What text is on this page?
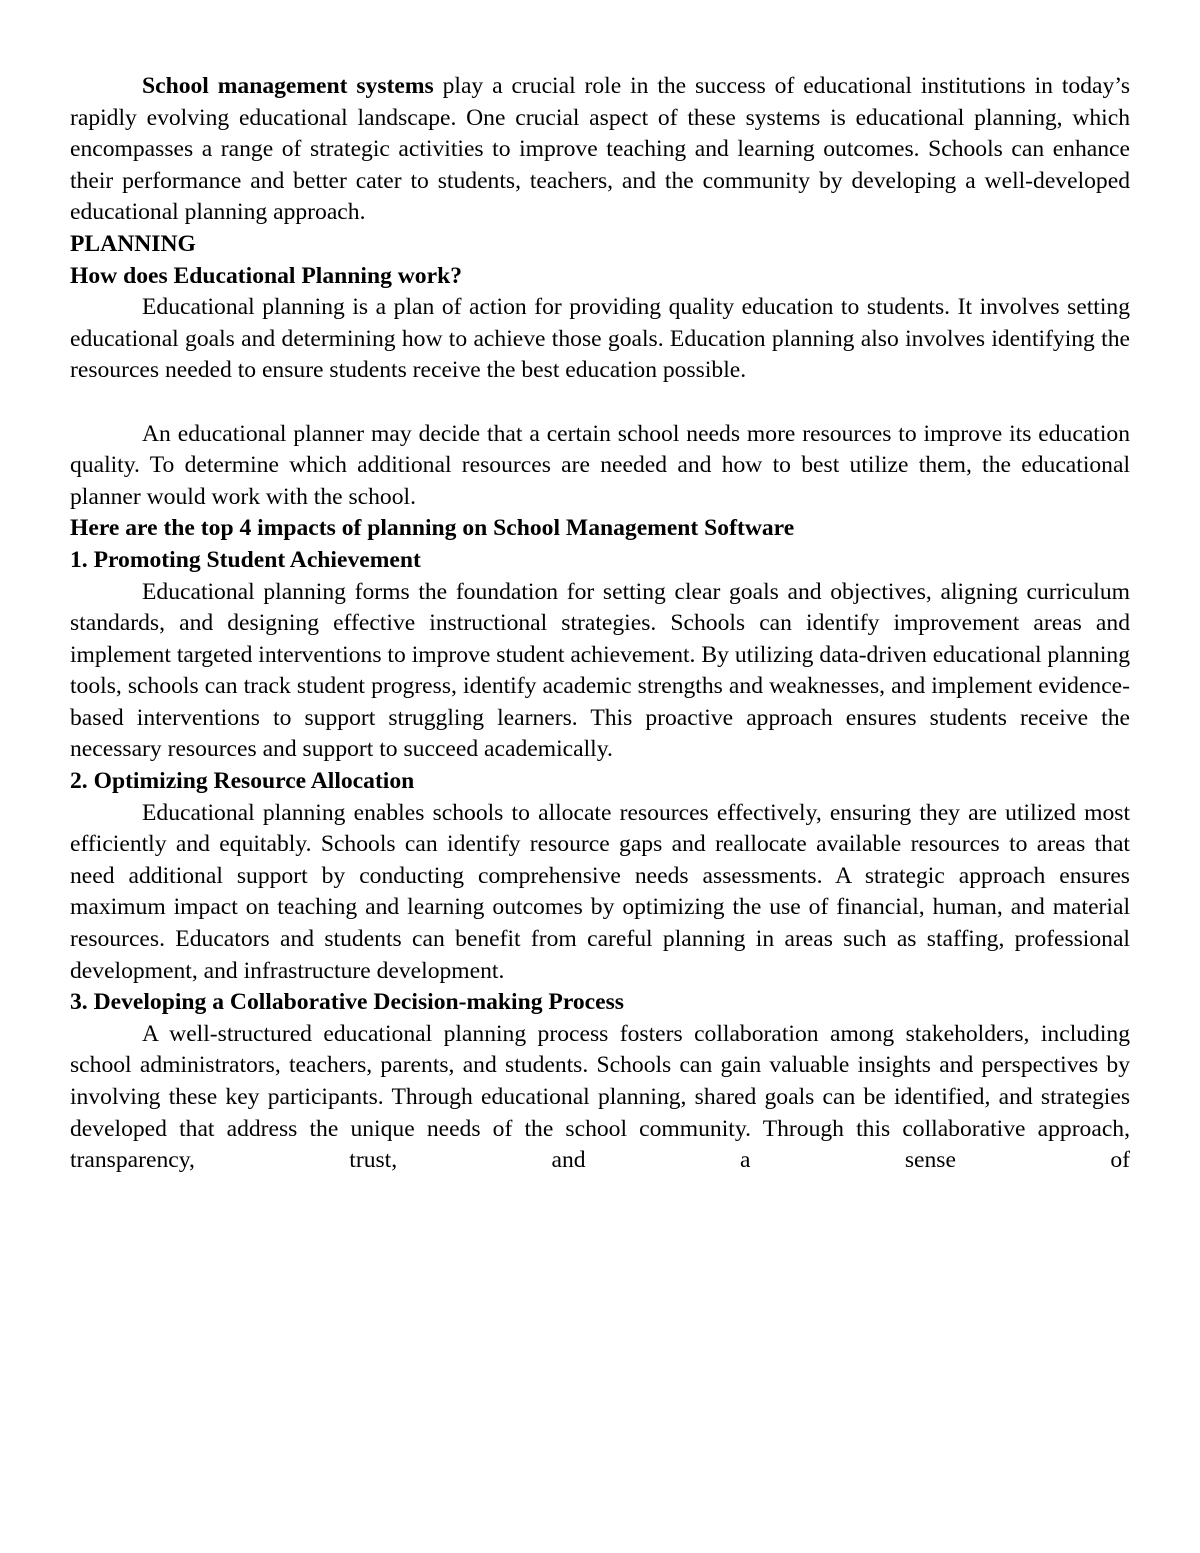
School management systems play a crucial role in the success of educational institutions in today’s rapidly evolving educational landscape. One crucial aspect of these systems is educational planning, which encompasses a range of strategic activities to improve teaching and learning outcomes. Schools can enhance their performance and better cater to students, teachers, and the community by developing a well-developed educational planning approach.

PLANNING

How does Educational Planning work?

Educational planning is a plan of action for providing quality education to students. It involves setting educational goals and determining how to achieve those goals. Education planning also involves identifying the resources needed to ensure students receive the best education possible.

An educational planner may decide that a certain school needs more resources to improve its education quality. To determine which additional resources are needed and how to best utilize them, the educational planner would work with the school.

Here are the top 4 impacts of planning on School Management Software

1. Promoting Student Achievement

Educational planning forms the foundation for setting clear goals and objectives, aligning curriculum standards, and designing effective instructional strategies. Schools can identify improvement areas and implement targeted interventions to improve student achievement. By utilizing data-driven educational planning tools, schools can track student progress, identify academic strengths and weaknesses, and implement evidence-based interventions to support struggling learners. This proactive approach ensures students receive the necessary resources and support to succeed academically.

2. Optimizing Resource Allocation

Educational planning enables schools to allocate resources effectively, ensuring they are utilized most efficiently and equitably. Schools can identify resource gaps and reallocate available resources to areas that need additional support by conducting comprehensive needs assessments. A strategic approach ensures maximum impact on teaching and learning outcomes by optimizing the use of financial, human, and material resources. Educators and students can benefit from careful planning in areas such as staffing, professional development, and infrastructure development.

3. Developing a Collaborative Decision-making Process

A well-structured educational planning process fosters collaboration among stakeholders, including school administrators, teachers, parents, and students. Schools can gain valuable insights and perspectives by involving these key participants. Through educational planning, shared goals can be identified, and strategies developed that address the unique needs of the school community. Through this collaborative approach, transparency, trust, and a sense of
